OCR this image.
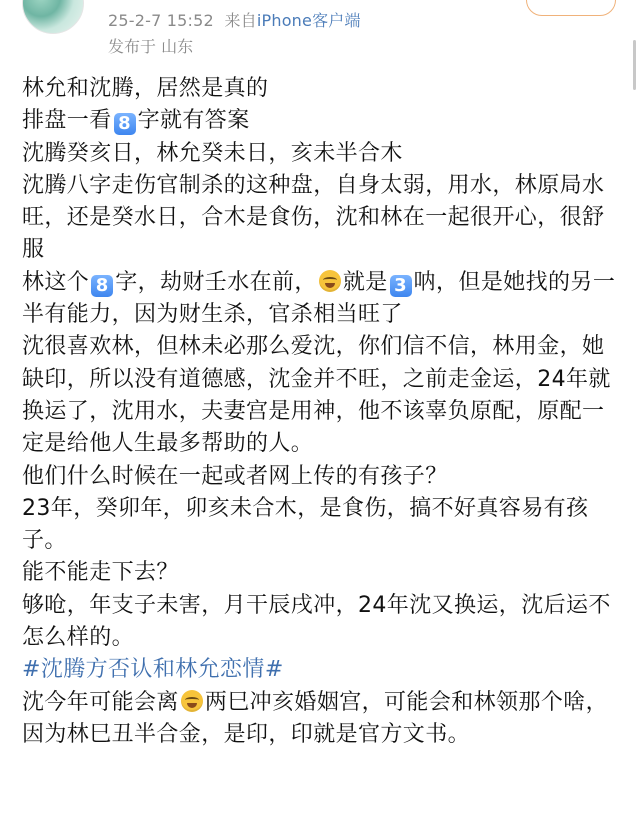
25-2-7 15:52 来自iPhone客户端
发布于 山东

林允和沈腾，居然是真的

排盘一看 8 字就有答案

沈腾癸亥日，林允癸未日，亥未半合木

沈腾八字走伤官制杀的这种盘，自身太弱，用水，林原局水旺，还是癸水日，合木是食伤，沈和林在一起很开心，很舒服

林这个 8 字，劫财壬水在前， 就是 3 呐，但是她找的另一半有能力，因为财生杀，官杀相当旺了

沈很喜欢林，但林未必那么爱沈，你们信不信，林用金，她缺印，所以没有道德感，沈金并不旺，之前走金运，24年就换运了，沈用水，夫妻宫是用神，他不该辜负原配，原配一定是给他人生最多帮助的人。

他们什么时候在一起或者网上传的有孩子？

23年，癸卯年，卯亥未合木，是食伤，搞不好真容易有孩子。

能不能走下去？

够呛，年支子未害，月干辰戌冲，24年沈又换运，沈后运不怎么样的。

#沈腾方否认和林允恋情#

沈今年可能会离 两巳冲亥婚姻宫，可能会和林领那个啥，因为林巳丑半合金，是印，印就是官方文书。
